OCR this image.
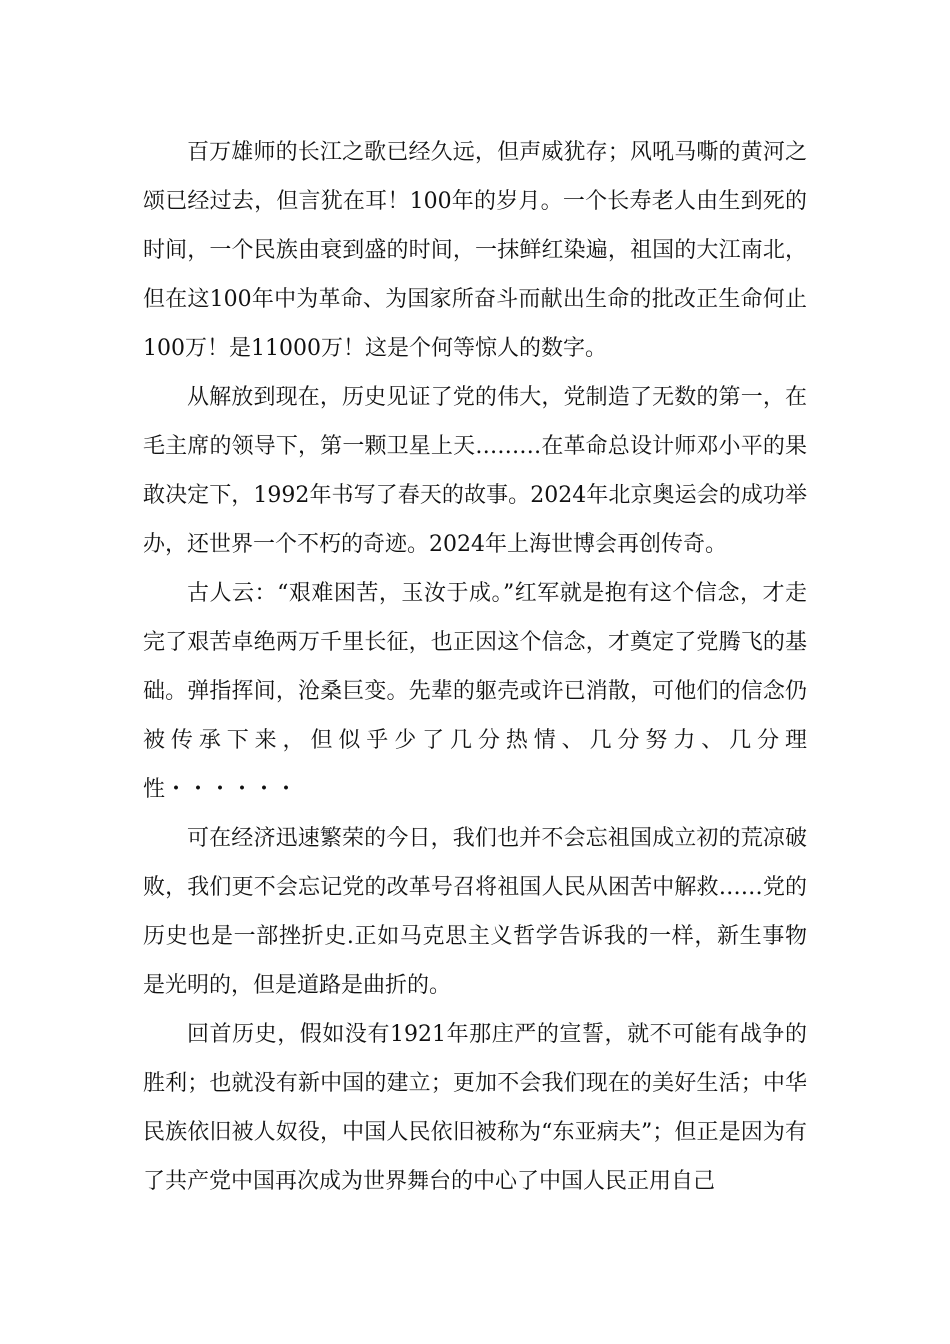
百万雄师的长江之歌已经久远，但声威犹存；风吼马嘶的黄河之颂已经过去，但言犹在耳！100年的岁月。一个长寿老人由生到死的时间，一个民族由衰到盛的时间，一抹鲜红染遍，祖国的大江南北，但在这100年中为革命、为国家所奋斗而献出生命的批改正生命何止100万！是11000万！这是个何等惊人的数字。

从解放到现在，历史见证了党的伟大，党制造了无数的第一，在毛主席的领导下，第一颗卫星上天………在革命总设计师邓小平的果敢决定下，1992年书写了春天的故事。2024年北京奥运会的成功举办，还世界一个不朽的奇迹。2024年上海世博会再创传奇。

古人云：“艰难困苦，玉汝于成。”红军就是抱有这个信念，才走完了艰苦卓绝两万千里长征，也正因这个信念，才奠定了党腾飞的基础。弹指挥间，沧桑巨变。先辈的躯壳或许已消散，可他们的信念仍被传承下来，但似乎少了几分热情、几分努力、几分理性・・・・・・

可在经济迅速繁荣的今日，我们也并不会忘祖国成立初的荒凉破败，我们更不会忘记党的改革号召将祖国人民从困苦中解救……党的历史也是一部挫折史.正如马克思主义哲学告诉我的一样，新生事物是光明的，但是道路是曲折的。

回首历史，假如没有1921年那庄严的宣誓，就不可能有战争的胜利；也就没有新中国的建立；更加不会我们现在的美好生活；中华民族依旧被人奴役，中国人民依旧被称为“东亚病夫”；但正是因为有了共产党中国再次成为世界舞台的中心了中国人民正用自己
